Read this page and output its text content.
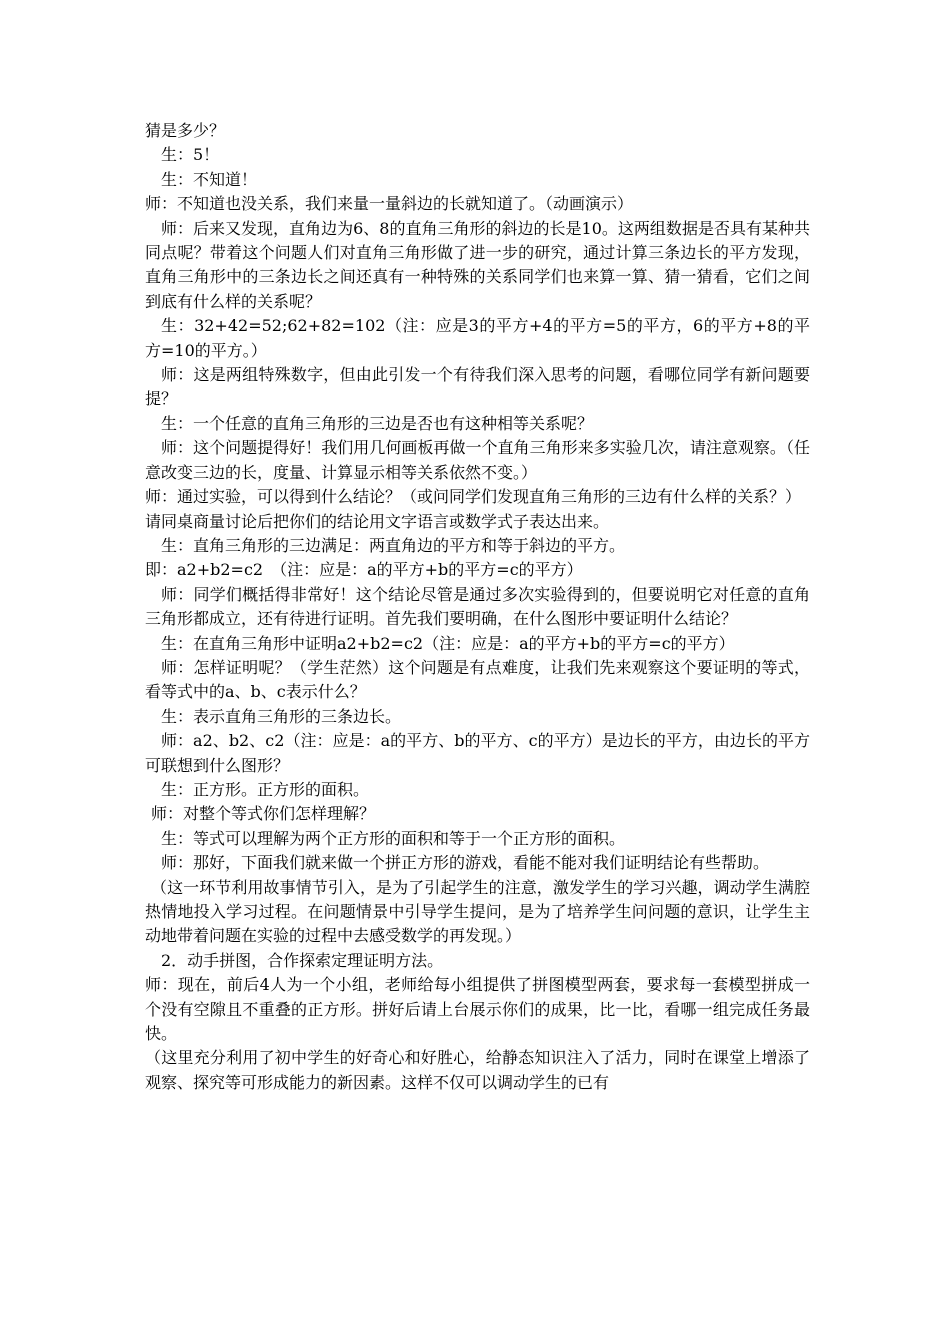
猜是多少？

生：5！

生：不知道！

师：不知道也没关系，我们来量一量斜边的长就知道了。（动画演示）

师：后来又发现，直角边为6、8的直角三角形的斜边的长是10。这两组数据是否具有某种共同点呢？带着这个问题人们对直角三角形做了进一步的研究，通过计算三条边长的平方发现，直角三角形中的三条边长之间还真有一种特殊的关系同学们也来算一算、猜一猜看，它们之间到底有什么样的关系呢？

生：32+42=52;62+82=102（注：应是3的平方+4的平方=5的平方，6的平方+8的平方=10的平方。）

师：这是两组特殊数字，但由此引发一个有待我们深入思考的问题，看哪位同学有新问题要提？

生：一个任意的直角三角形的三边是否也有这种相等关系呢？

师：这个问题提得好！我们用几何画板再做一个直角三角形来多实验几次，请注意观察。（任意改变三边的长，度量、计算显示相等关系依然不变。）

师：通过实验，可以得到什么结论？（或问同学们发现直角三角形的三边有什么样的关系？）

请同桌商量讨论后把你们的结论用文字语言或数学式子表达出来。

生：直角三角形的三边满足：两直角边的平方和等于斜边的平方。

即：a2+b2=c2　（注：应是：a的平方+b的平方=c的平方）

师：同学们概括得非常好！这个结论尽管是通过多次实验得到的，但要说明它对任意的直角三角形都成立，还有待进行证明。首先我们要明确，在什么图形中要证明什么结论？

生：在直角三角形中证明a2+b2=c2（注：应是：a的平方+b的平方=c的平方）

师：怎样证明呢？（学生茫然）这个问题是有点难度，让我们先来观察这个要证明的等式，看等式中的a、b、c表示什么？

生：表示直角三角形的三条边长。

师：a2、b2、c2（注：应是：a的平方、b的平方、c的平方）是边长的平方，由边长的平方可联想到什么图形？

生：正方形。正方形的面积。

师：对整个等式你们怎样理解？

生：等式可以理解为两个正方形的面积和等于一个正方形的面积。

师：那好，下面我们就来做一个拼正方形的游戏，看能不能对我们证明结论有些帮助。

（这一环节利用故事情节引入，是为了引起学生的注意，激发学生的学习兴趣，调动学生满腔热情地投入学习过程。在问题情景中引导学生提问，是为了培养学生问问题的意识，让学生主动地带着问题在实验的过程中去感受数学的再发现。）

2．动手拼图，合作探索定理证明方法。

师：现在，前后4人为一个小组，老师给每小组提供了拼图模型两套，要求每一套模型拼成一个没有空隙且不重叠的正方形。拼好后请上台展示你们的成果，比一比，看哪一组完成任务最快。

（这里充分利用了初中学生的好奇心和好胜心，给静态知识注入了活力，同时在课堂上增添了观察、探究等可形成能力的新因素。这样不仅可以调动学生的已有
